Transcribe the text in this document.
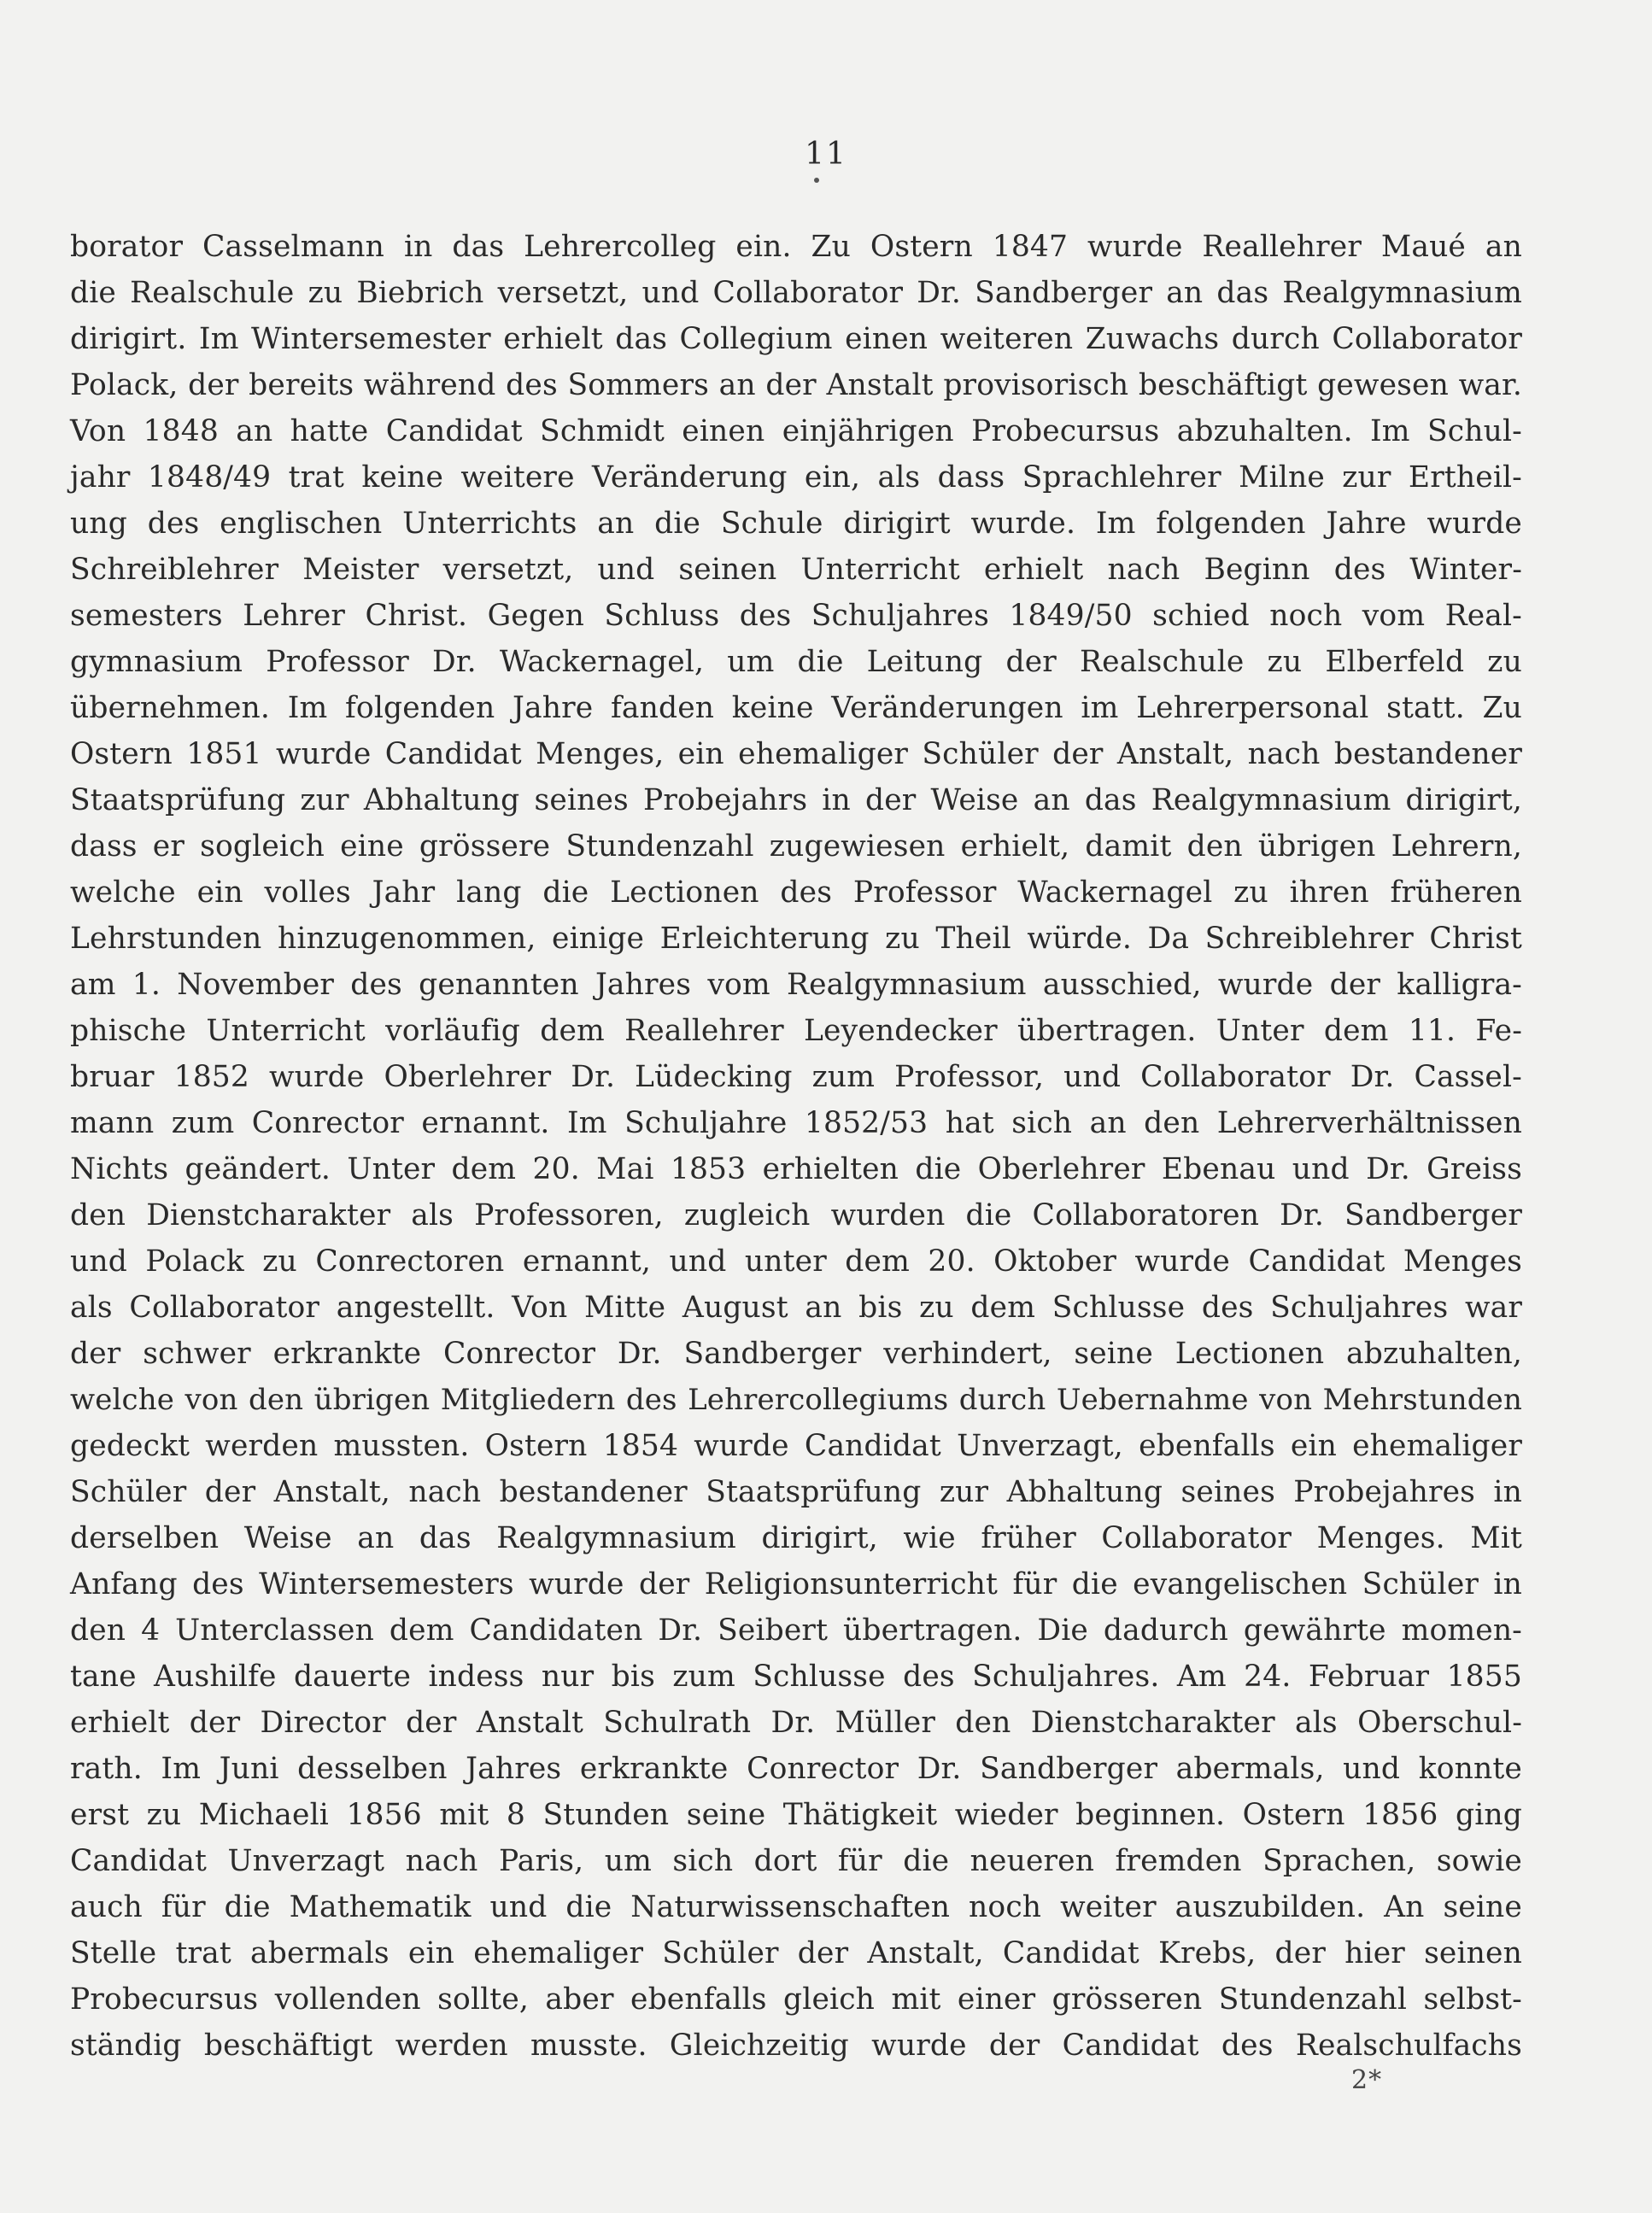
11
borator Casselmann in das Lehrercolleg ein. Zu Ostern 1847 wurde Reallehrer Maué an
die Realschule zu Biebrich versetzt, und Collaborator Dr. Sandberger an das Realgymnasium
dirigirt. Im Wintersemester erhielt das Collegium einen weiteren Zuwachs durch Collaborator
Polack, der bereits während des Sommers an der Anstalt provisorisch beschäftigt gewesen war.
Von 1848 an hatte Candidat Schmidt einen einjährigen Probecursus abzuhalten. Im Schul-
jahr 1848/49 trat keine weitere Veränderung ein, als dass Sprachlehrer Milne zur Ertheil-
ung des englischen Unterrichts an die Schule dirigirt wurde. Im folgenden Jahre wurde
Schreiblehrer Meister versetzt, und seinen Unterricht erhielt nach Beginn des Winter-
semesters Lehrer Christ. Gegen Schluss des Schuljahres 1849/50 schied noch vom Real-
gymnasium Professor Dr. Wackernagel, um die Leitung der Realschule zu Elberfeld zu
übernehmen. Im folgenden Jahre fanden keine Veränderungen im Lehrerpersonal statt. Zu
Ostern 1851 wurde Candidat Menges, ein ehemaliger Schüler der Anstalt, nach bestandener
Staatsprüfung zur Abhaltung seines Probejahrs in der Weise an das Realgymnasium dirigirt,
dass er sogleich eine grössere Stundenzahl zugewiesen erhielt, damit den übrigen Lehrern,
welche ein volles Jahr lang die Lectionen des Professor Wackernagel zu ihren früheren
Lehrstunden hinzugenommen, einige Erleichterung zu Theil würde. Da Schreiblehrer Christ
am 1. November des genannten Jahres vom Realgymnasium ausschied, wurde der kalligra-
phische Unterricht vorläufig dem Reallehrer Leyendecker übertragen. Unter dem 11. Fe-
bruar 1852 wurde Oberlehrer Dr. Lüdecking zum Professor, und Collaborator Dr. Cassel-
mann zum Conrector ernannt. Im Schuljahre 1852/53 hat sich an den Lehrerverhältnissen
Nichts geändert. Unter dem 20. Mai 1853 erhielten die Oberlehrer Ebenau und Dr. Greiss
den Dienstcharakter als Professoren, zugleich wurden die Collaboratoren Dr. Sandberger
und Polack zu Conrectoren ernannt, und unter dem 20. Oktober wurde Candidat Menges
als Collaborator angestellt. Von Mitte August an bis zu dem Schlusse des Schuljahres war
der schwer erkrankte Conrector Dr. Sandberger verhindert, seine Lectionen abzuhalten,
welche von den übrigen Mitgliedern des Lehrercollegiums durch Uebernahme von Mehrstunden
gedeckt werden mussten. Ostern 1854 wurde Candidat Unverzagt, ebenfalls ein ehemaliger
Schüler der Anstalt, nach bestandener Staatsprüfung zur Abhaltung seines Probejahres in
derselben Weise an das Realgymnasium dirigirt, wie früher Collaborator Menges. Mit
Anfang des Wintersemesters wurde der Religionsunterricht für die evangelischen Schüler in
den 4 Unterclassen dem Candidaten Dr. Seibert übertragen. Die dadurch gewährte momen-
tane Aushilfe dauerte indess nur bis zum Schlusse des Schuljahres. Am 24. Februar 1855
erhielt der Director der Anstalt Schulrath Dr. Müller den Dienstcharakter als Oberschul-
rath. Im Juni desselben Jahres erkrankte Conrector Dr. Sandberger abermals, und konnte
erst zu Michaeli 1856 mit 8 Stunden seine Thätigkeit wieder beginnen. Ostern 1856 ging
Candidat Unverzagt nach Paris, um sich dort für die neueren fremden Sprachen, sowie
auch für die Mathematik und die Naturwissenschaften noch weiter auszubilden. An seine
Stelle trat abermals ein ehemaliger Schüler der Anstalt, Candidat Krebs, der hier seinen
Probecursus vollenden sollte, aber ebenfalls gleich mit einer grösseren Stundenzahl selbst-
ständig beschäftigt werden musste. Gleichzeitig wurde der Candidat des Realschulfachs
2*
